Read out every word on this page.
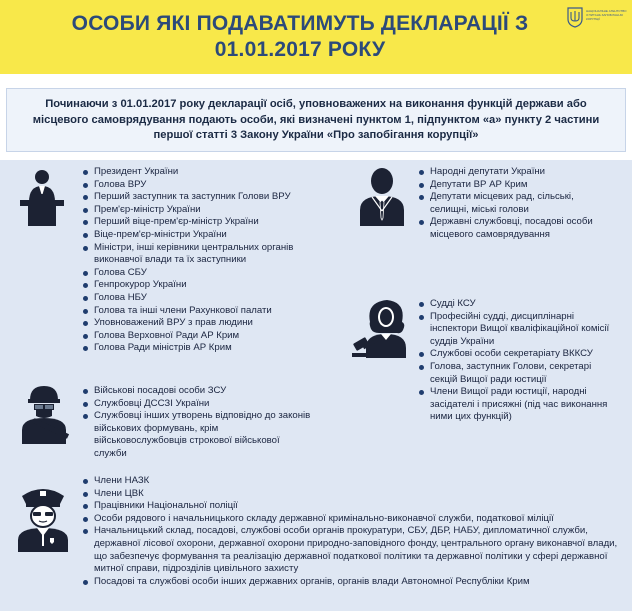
ОСОБИ ЯКІ ПОДАВАТИМУТЬ ДЕКЛАРАЦІЇ З 01.01.2017 РОКУ
НАЦІОНАЛЬНЕ АГЕНТСТВО
З ПИТАНЬ ЗАПОБІГАННЯ
КОРУПЦІЇ
Починаючи з 01.01.2017 року декларації осіб, уповноважених на виконання функцій держави або місцевого самоврядування подають особи, які визначені пунктом 1, підпунктом «а» пункту 2 частини першої статті 3 Закону України «Про запобігання корупції»
Президент України
Голова ВРУ
Перший заступник та заступник Голови ВРУ
Прем'єр-міністр України
Перший віце-прем'єр-міністр України
Віце-прем'єр-міністри України
Міністри, інші керівники центральних органів виконавчої влади та їх заступники
Голова СБУ
Генпрокурор України
Голова НБУ
Голова та інші члени Рахункової палати
Уповноважений ВРУ з прав людини
Голова Верховної Ради АР Крим
Голова Ради міністрів АР Крим
Народні депутати України
Депутати ВР АР Крим
Депутати місцевих рад, сільські, селищні, міські голови
Державні службовці, посадові особи місцевого самоврядування
Судді КСУ
Професійні судді, дисциплінарні інспектори Вищої кваліфікаційної комісії суддів України
Службові особи секретаріату ВККСУ
Голова, заступник Голови, секретарі секцій Вищої ради юстиції
Члени Вищої ради юстиції, народні засідателі і присяжні (під час виконання ними цих функцій)
Військові посадові особи ЗСУ
Службовці ДССЗІ України
Службовці інших утворень відповідно до законів військових формувань, крім військовослужбовців строкової військової служби
Члени НАЗК
Члени ЦВК
Працівники Національної поліції
Особи рядового і начальницького складу державної кримінально-виконавчої служби, податкової міліції
Начальницький склад, посадові, службові особи органів прокуратури, СБУ, ДБР, НАБУ, дипломатичної служби, державної лісової охорони, державної охорони природно-заповідного фонду, центрального органу виконавчої влади, що забезпечує формування та реалізацію державної податкової політики та державної політики у сфері державної митної справи, підрозділів цивільного захисту
Посадові та службові особи інших державних органів, органів влади Автономної Республіки Крим
